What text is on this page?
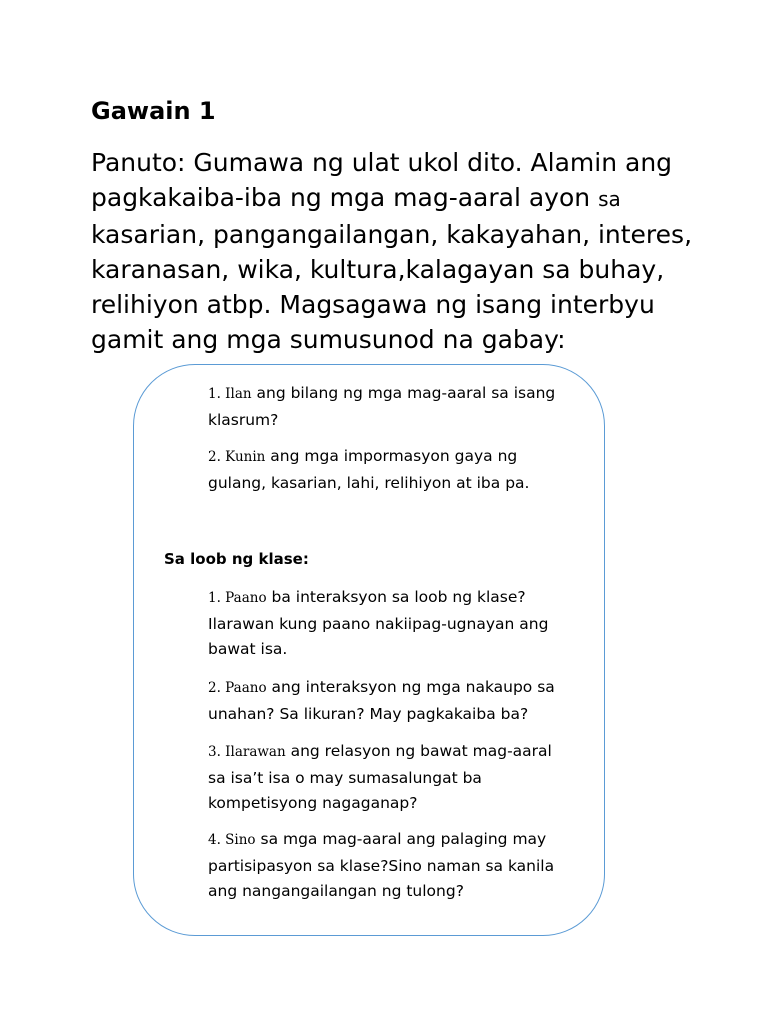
Gawain 1

Panuto: Gumawa ng ulat ukol dito. Alamin ang
pagkakaiba-iba ng mga mag-aaral ayon sa
kasarian, pangangailangan, kakayahan, interes,
karanasan, wika, kultura,kalagayan sa buhay,
relihiyon atbp. Magsagawa ng isang interbyu
gamit ang mga sumusunod na gabay:

1. Ilan ang bilang ng mga mag-aaral sa isang
klasrum?

2. Kunin ang mga impormasyon gaya ng
gulang, kasarian, lahi, relihiyon at iba pa.

Sa loob ng klase:

1. Paano ba interaksyon sa loob ng klase?
Ilarawan kung paano nakiipag-ugnayan ang
bawat isa.

2. Paano ang interaksyon ng mga nakaupo sa
unahan? Sa likuran? May pagkakaiba ba?

3. Ilarawan ang relasyon ng bawat mag-aaral
sa isa’t isa o may sumasalungat ba
kompetisyong nagaganap?

4. Sino sa mga mag-aaral ang palaging may
partisipasyon sa klase?Sino naman sa kanila
ang nangangailangan ng tulong?
